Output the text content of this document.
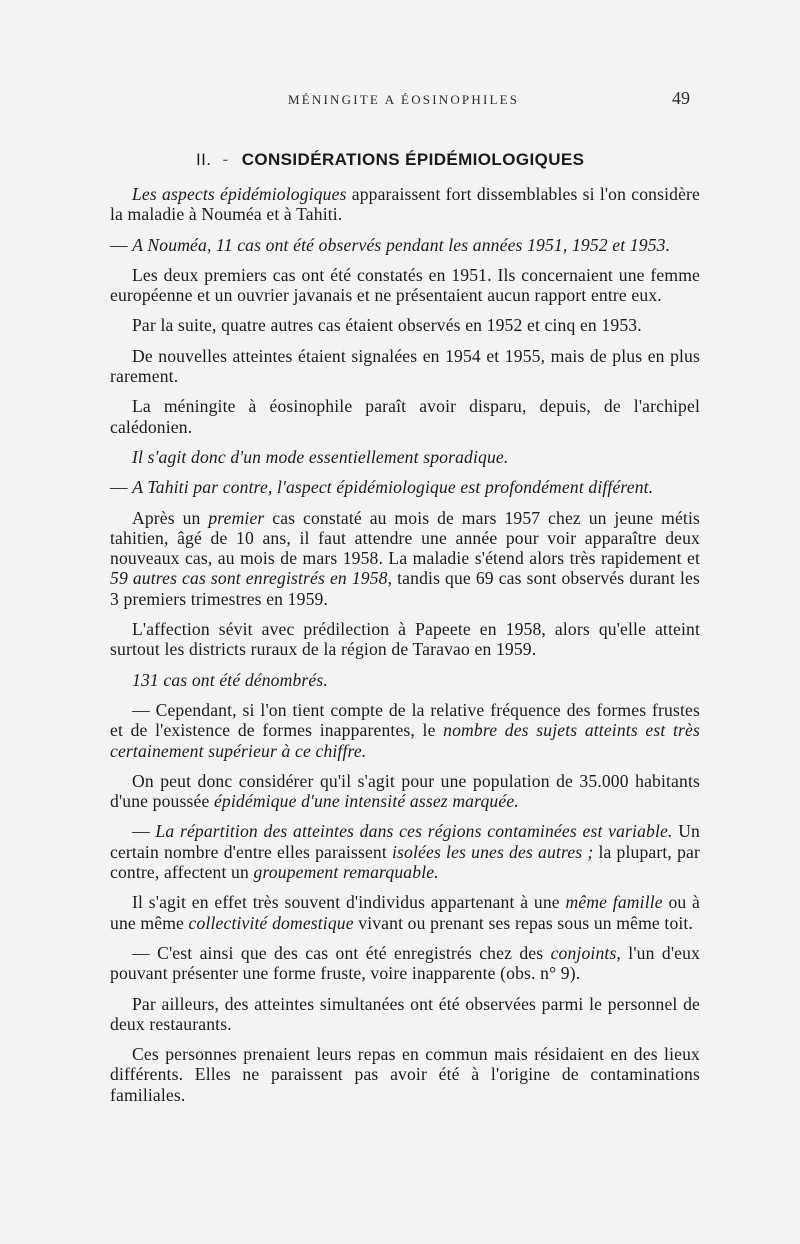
MÉNINGITE A ÉOSINOPHILES	49
II. - CONSIDÉRATIONS ÉPIDÉMIOLOGIQUES

Les aspects épidémiologiques apparaissent fort dissemblables si l'on considère la maladie à Nouméa et à Tahiti.

— A Nouméa, 11 cas ont été observés pendant les années 1951, 1952 et 1953.

Les deux premiers cas ont été constatés en 1951. Ils concernaient une femme européenne et un ouvrier javanais et ne présentaient aucun rapport entre eux.

Par la suite, quatre autres cas étaient observés en 1952 et cinq en 1953.

De nouvelles atteintes étaient signalées en 1954 et 1955, mais de plus en plus rarement.

La méningite à éosinophile paraît avoir disparu, depuis, de l'archipel calédonien.

Il s'agit donc d'un mode essentiellement sporadique.

— A Tahiti par contre, l'aspect épidémiologique est profondément différent.

Après un premier cas constaté au mois de mars 1957 chez un jeune métis tahitien, âgé de 10 ans, il faut attendre une année pour voir apparaître deux nouveaux cas, au mois de mars 1958. La maladie s'étend alors très rapidement et 59 autres cas sont enregistrés en 1958, tandis que 69 cas sont observés durant les 3 premiers trimestres en 1959.

L'affection sévit avec prédilection à Papeete en 1958, alors qu'elle atteint surtout les districts ruraux de la région de Taravao en 1959.

131 cas ont été dénombrés.

— Cependant, si l'on tient compte de la relative fréquence des formes frustes et de l'existence de formes inapparentes, le nombre des sujets atteints est très certainement supérieur à ce chiffre.

On peut donc considérer qu'il s'agit pour une population de 35.000 habitants d'une poussée épidémique d'une intensité assez marquée.

— La répartition des atteintes dans ces régions contaminées est variable. Un certain nombre d'entre elles paraissent isolées les unes des autres ; la plupart, par contre, affectent un groupement remarquable.

Il s'agit en effet très souvent d'individus appartenant à une même famille ou à une même collectivité domestique vivant ou prenant ses repas sous un même toit.

— C'est ainsi que des cas ont été enregistrés chez des conjoints, l'un d'eux pouvant présenter une forme fruste, voire inapparente (obs. n° 9).

Par ailleurs, des atteintes simultanées ont été observées parmi le personnel de deux restaurants.

Ces personnes prenaient leurs repas en commun mais résidaient en des lieux différents. Elles ne paraissent pas avoir été à l'origine de contaminations familiales.
